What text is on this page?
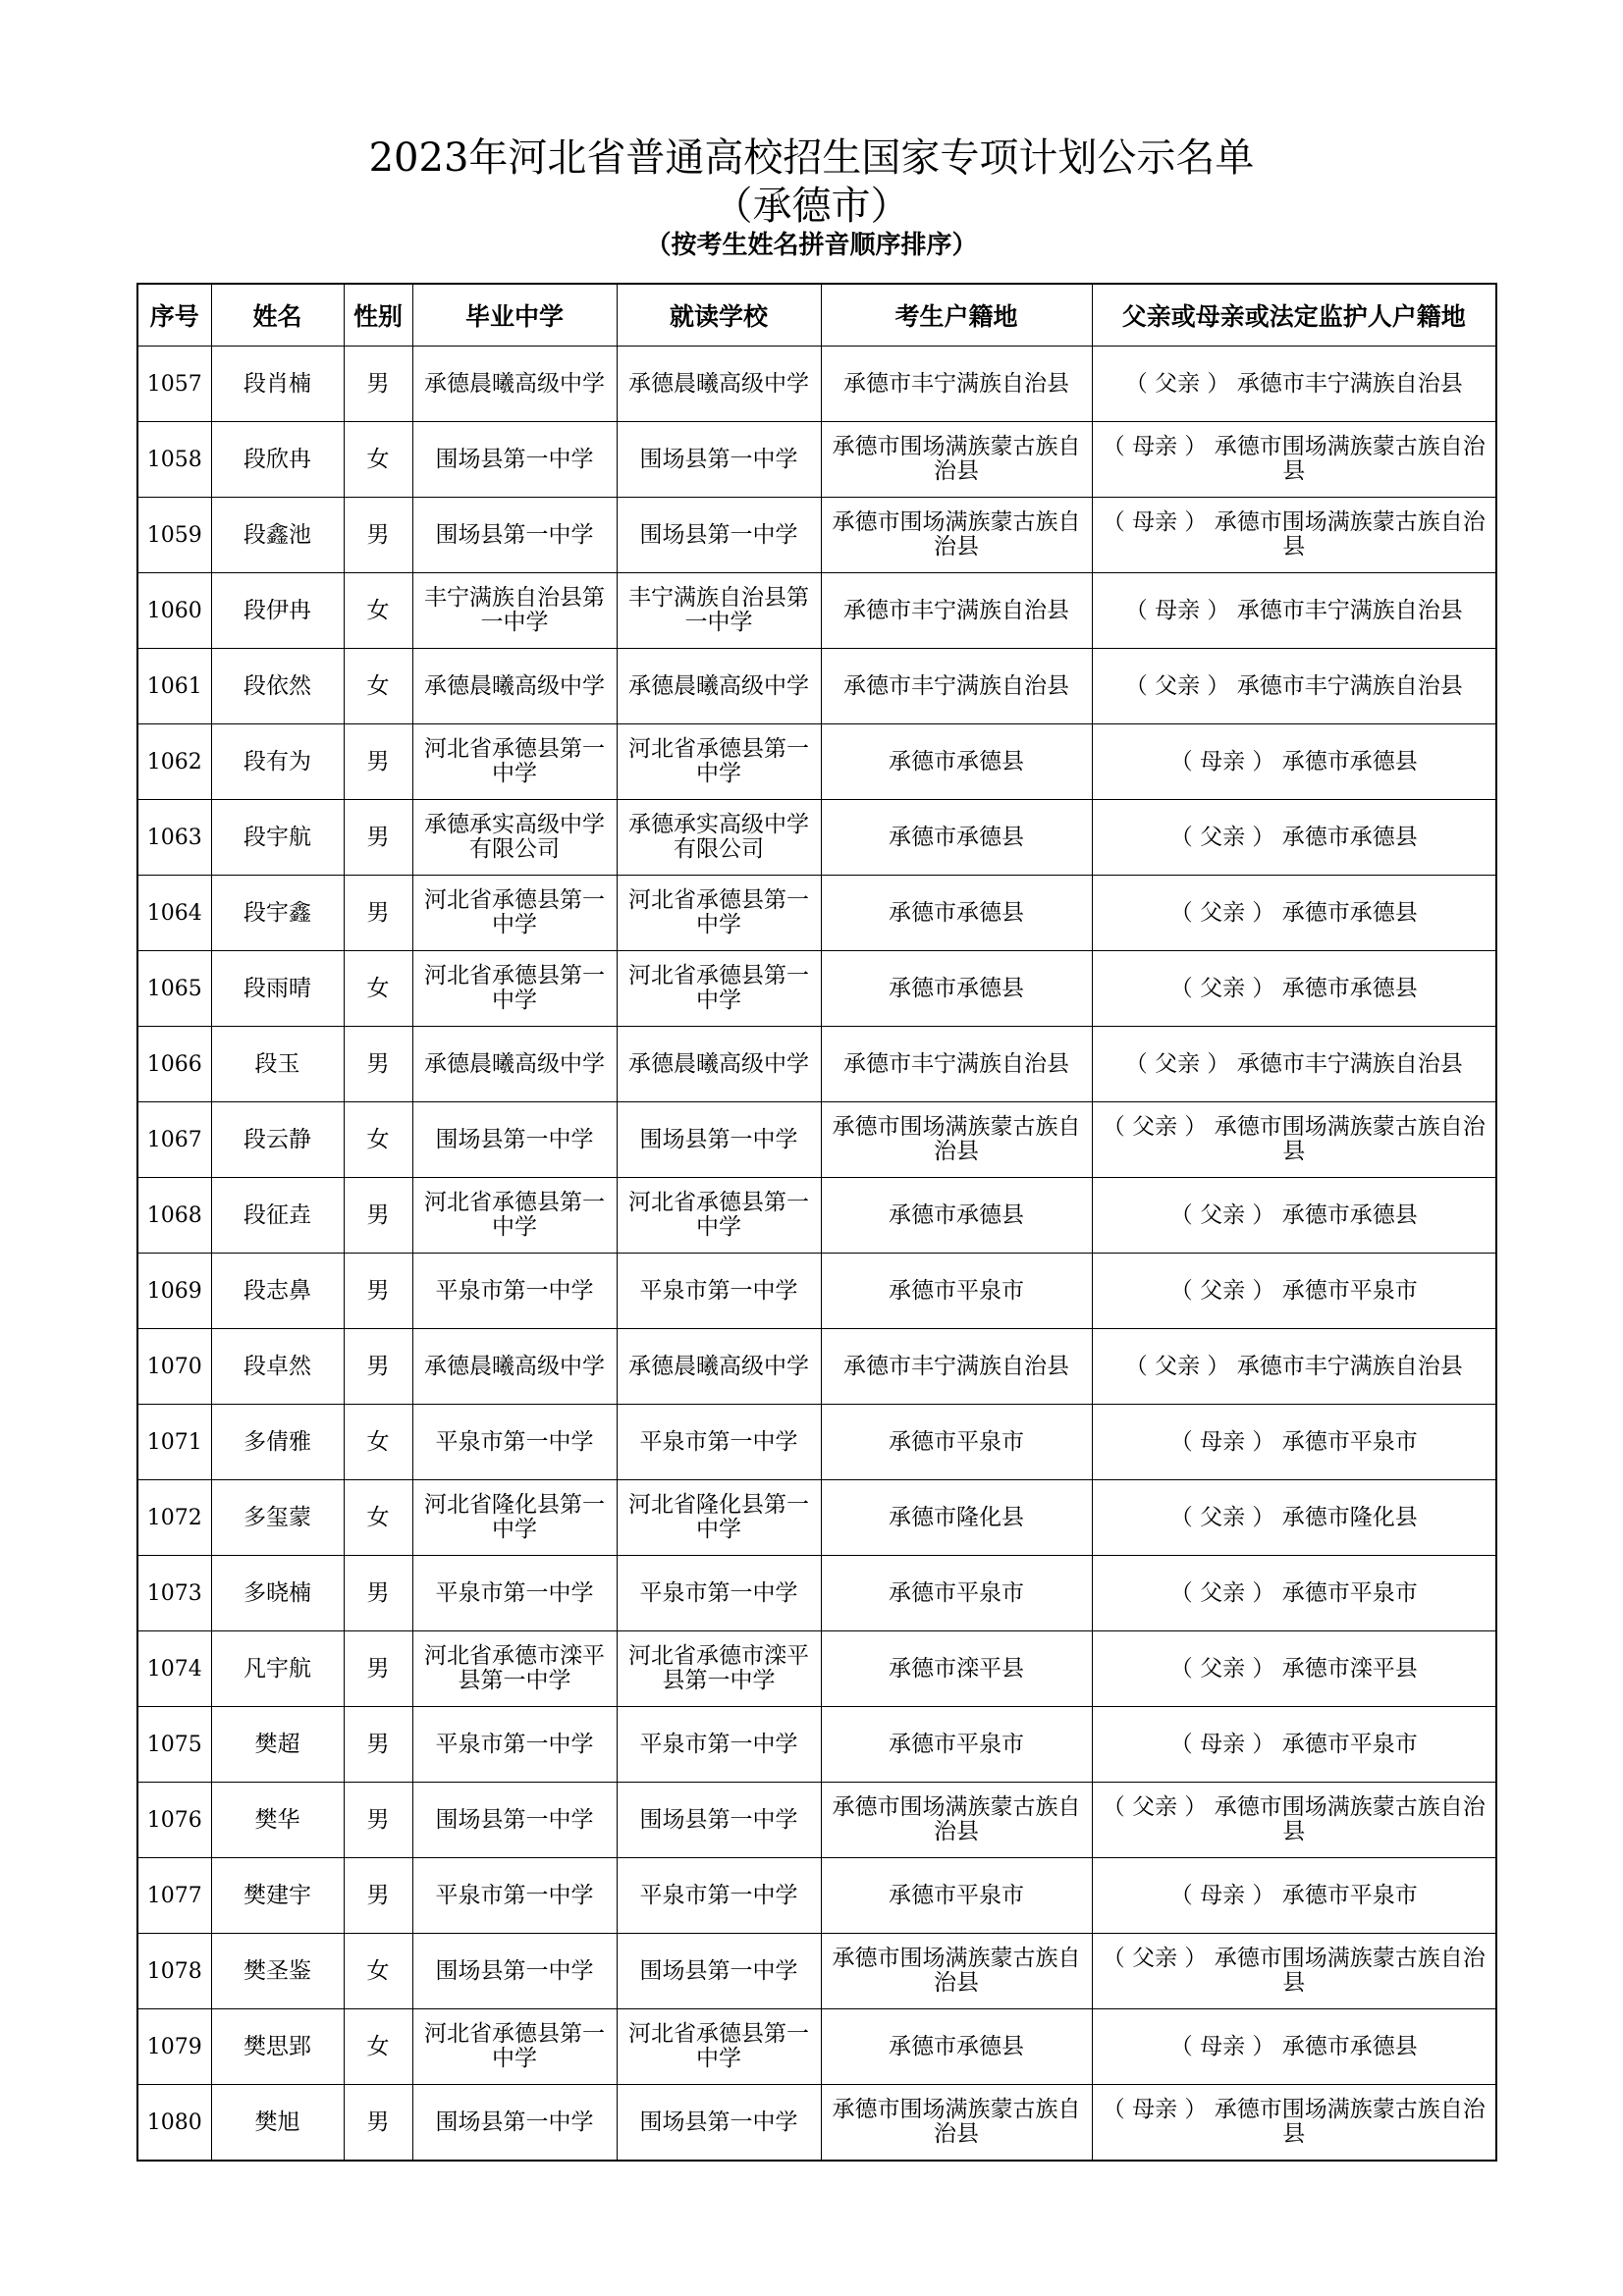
2023年河北省普通高校招生国家专项计划公示名单
（承德市）
（按考生姓名拼音顺序排序）
序号	姓名	性别	毕业中学	就读学校	考生户籍地	父亲或母亲或法定监护人户籍地
1057	段肖楠	男	承德晨曦高级中学	承德晨曦高级中学	承德市丰宁满族自治县	（ 父亲 ） 承德市丰宁满族自治县
1058	段欣冉	女	围场县第一中学	围场县第一中学	承德市围场满族蒙古族自治县	（ 母亲 ） 承德市围场满族蒙古族自治县
1059	段鑫池	男	围场县第一中学	围场县第一中学	承德市围场满族蒙古族自治县	（ 母亲 ） 承德市围场满族蒙古族自治县
1060	段伊冉	女	丰宁满族自治县第一中学	丰宁满族自治县第一中学	承德市丰宁满族自治县	（ 母亲 ） 承德市丰宁满族自治县
1061	段依然	女	承德晨曦高级中学	承德晨曦高级中学	承德市丰宁满族自治县	（ 父亲 ） 承德市丰宁满族自治县
1062	段有为	男	河北省承德县第一中学	河北省承德县第一中学	承德市承德县	（ 母亲 ） 承德市承德县
1063	段宇航	男	承德承实高级中学有限公司	承德承实高级中学有限公司	承德市承德县	（ 父亲 ） 承德市承德县
1064	段宇鑫	男	河北省承德县第一中学	河北省承德县第一中学	承德市承德县	（ 父亲 ） 承德市承德县
1065	段雨晴	女	河北省承德县第一中学	河北省承德县第一中学	承德市承德县	（ 父亲 ） 承德市承德县
1066	段玉	男	承德晨曦高级中学	承德晨曦高级中学	承德市丰宁满族自治县	（ 父亲 ） 承德市丰宁满族自治县
1067	段云静	女	围场县第一中学	围场县第一中学	承德市围场满族蒙古族自治县	（ 父亲 ） 承德市围场满族蒙古族自治县
1068	段征垚	男	河北省承德县第一中学	河北省承德县第一中学	承德市承德县	（ 父亲 ） 承德市承德县
1069	段志鼻	男	平泉市第一中学	平泉市第一中学	承德市平泉市	（ 父亲 ） 承德市平泉市
1070	段卓然	男	承德晨曦高级中学	承德晨曦高级中学	承德市丰宁满族自治县	（ 父亲 ） 承德市丰宁满族自治县
1071	多倩雅	女	平泉市第一中学	平泉市第一中学	承德市平泉市	（ 母亲 ） 承德市平泉市
1072	多玺蒙	女	河北省隆化县第一中学	河北省隆化县第一中学	承德市隆化县	（ 父亲 ） 承德市隆化县
1073	多晓楠	男	平泉市第一中学	平泉市第一中学	承德市平泉市	（ 父亲 ） 承德市平泉市
1074	凡宇航	男	河北省承德市滦平县第一中学	河北省承德市滦平县第一中学	承德市滦平县	（ 父亲 ） 承德市滦平县
1075	樊超	男	平泉市第一中学	平泉市第一中学	承德市平泉市	（ 母亲 ） 承德市平泉市
1076	樊华	男	围场县第一中学	围场县第一中学	承德市围场满族蒙古族自治县	（ 父亲 ） 承德市围场满族蒙古族自治县
1077	樊建宇	男	平泉市第一中学	平泉市第一中学	承德市平泉市	（ 母亲 ） 承德市平泉市
1078	樊圣鉴	女	围场县第一中学	围场县第一中学	承德市围场满族蒙古族自治县	（ 父亲 ） 承德市围场满族蒙古族自治县
1079	樊思郢	女	河北省承德县第一中学	河北省承德县第一中学	承德市承德县	（ 母亲 ） 承德市承德县
1080	樊旭	男	围场县第一中学	围场县第一中学	承德市围场满族蒙古族自治县	（ 母亲 ） 承德市围场满族蒙古族自治县
